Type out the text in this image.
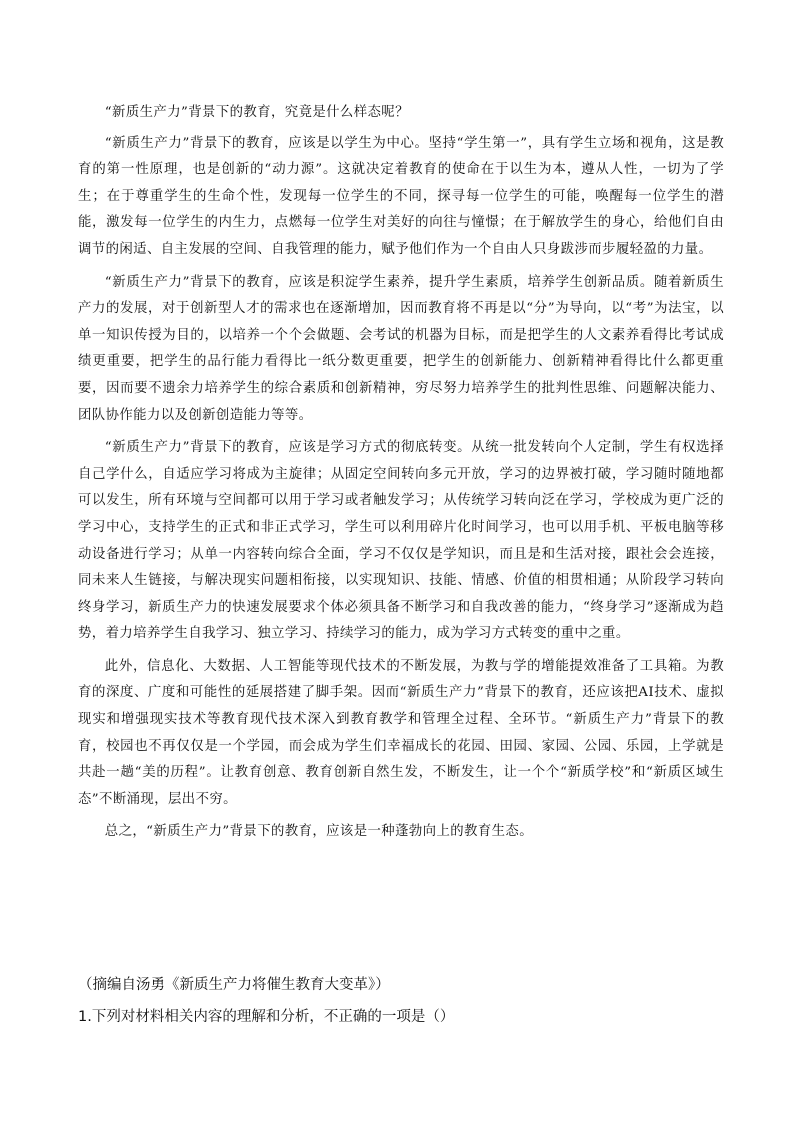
“新质生产力”背景下的教育，究竟是什么样态呢？

“新质生产力”背景下的教育，应该是以学生为中心。坚持“学生第一”，具有学生立场和视角，这是教育的第一性原理，也是创新的“动力源”。这就决定着教育的使命在于以生为本，遵从人性，一切为了学生；在于尊重学生的生命个性，发现每一位学生的不同，探寻每一位学生的可能，唤醒每一位学生的潜能，激发每一位学生的内生力，点燃每一位学生对美好的向往与憧憬；在于解放学生的身心，给他们自由调节的闲适、自主发展的空间、自我管理的能力，赋予他们作为一个自由人只身跋涉而步履轻盈的力量。

“新质生产力”背景下的教育，应该是积淀学生素养，提升学生素质，培养学生创新品质。随着新质生产力的发展，对于创新型人才的需求也在逐渐增加，因而教育将不再是以“分”为导向，以“考”为法宝，以单一知识传授为目的，以培养一个个会做题、会考试的机器为目标，而是把学生的人文素养看得比考试成绩更重要，把学生的品行能力看得比一纸分数更重要，把学生的创新能力、创新精神看得比什么都更重要，因而要不遗余力培养学生的综合素质和创新精神，穷尽努力培养学生的批判性思维、问题解决能力、团队协作能力以及创新创造能力等等。

“新质生产力”背景下的教育，应该是学习方式的彻底转变。从统一批发转向个人定制，学生有权选择自己学什么，自适应学习将成为主旋律；从固定空间转向多元开放，学习的边界被打破，学习随时随地都可以发生，所有环境与空间都可以用于学习或者触发学习；从传统学习转向泛在学习，学校成为更广泛的学习中心，支持学生的正式和非正式学习，学生可以利用碎片化时间学习，也可以用手机、平板电脑等移动设备进行学习；从单一内容转向综合全面，学习不仅仅是学知识，而且是和生活对接，跟社会会连接，同未来人生链接，与解决现实问题相衔接，以实现知识、技能、情感、价值的相贯相通；从阶段学习转向终身学习，新质生产力的快速发展要求个体必须具备不断学习和自我改善的能力，“终身学习”逐渐成为趋势，着力培养学生自我学习、独立学习、持续学习的能力，成为学习方式转变的重中之重。

此外，信息化、大数据、人工智能等现代技术的不断发展，为教与学的增能提效准备了工具箱。为教育的深度、广度和可能性的延展搭建了脚手架。因而“新质生产力”背景下的教育，还应该把AI技术、虚拟现实和增强现实技术等教育现代技术深入到教育教学和管理全过程、全环节。“新质生产力”背景下的教育，校园也不再仅仅是一个学园，而会成为学生们幸福成长的花园、田园、家园、公园、乐园，上学就是共赴一趟“美的历程”。让教育创意、教育创新自然生发，不断发生，让一个个“新质学校”和“新质区域生态”不断涌现，层出不穷。

总之，“新质生产力”背景下的教育，应该是一种蓬勃向上的教育生态。

（摘编自汤勇《新质生产力将催生教育大变革》）
1.下列对材料相关内容的理解和分析，不正确的一项是（）
